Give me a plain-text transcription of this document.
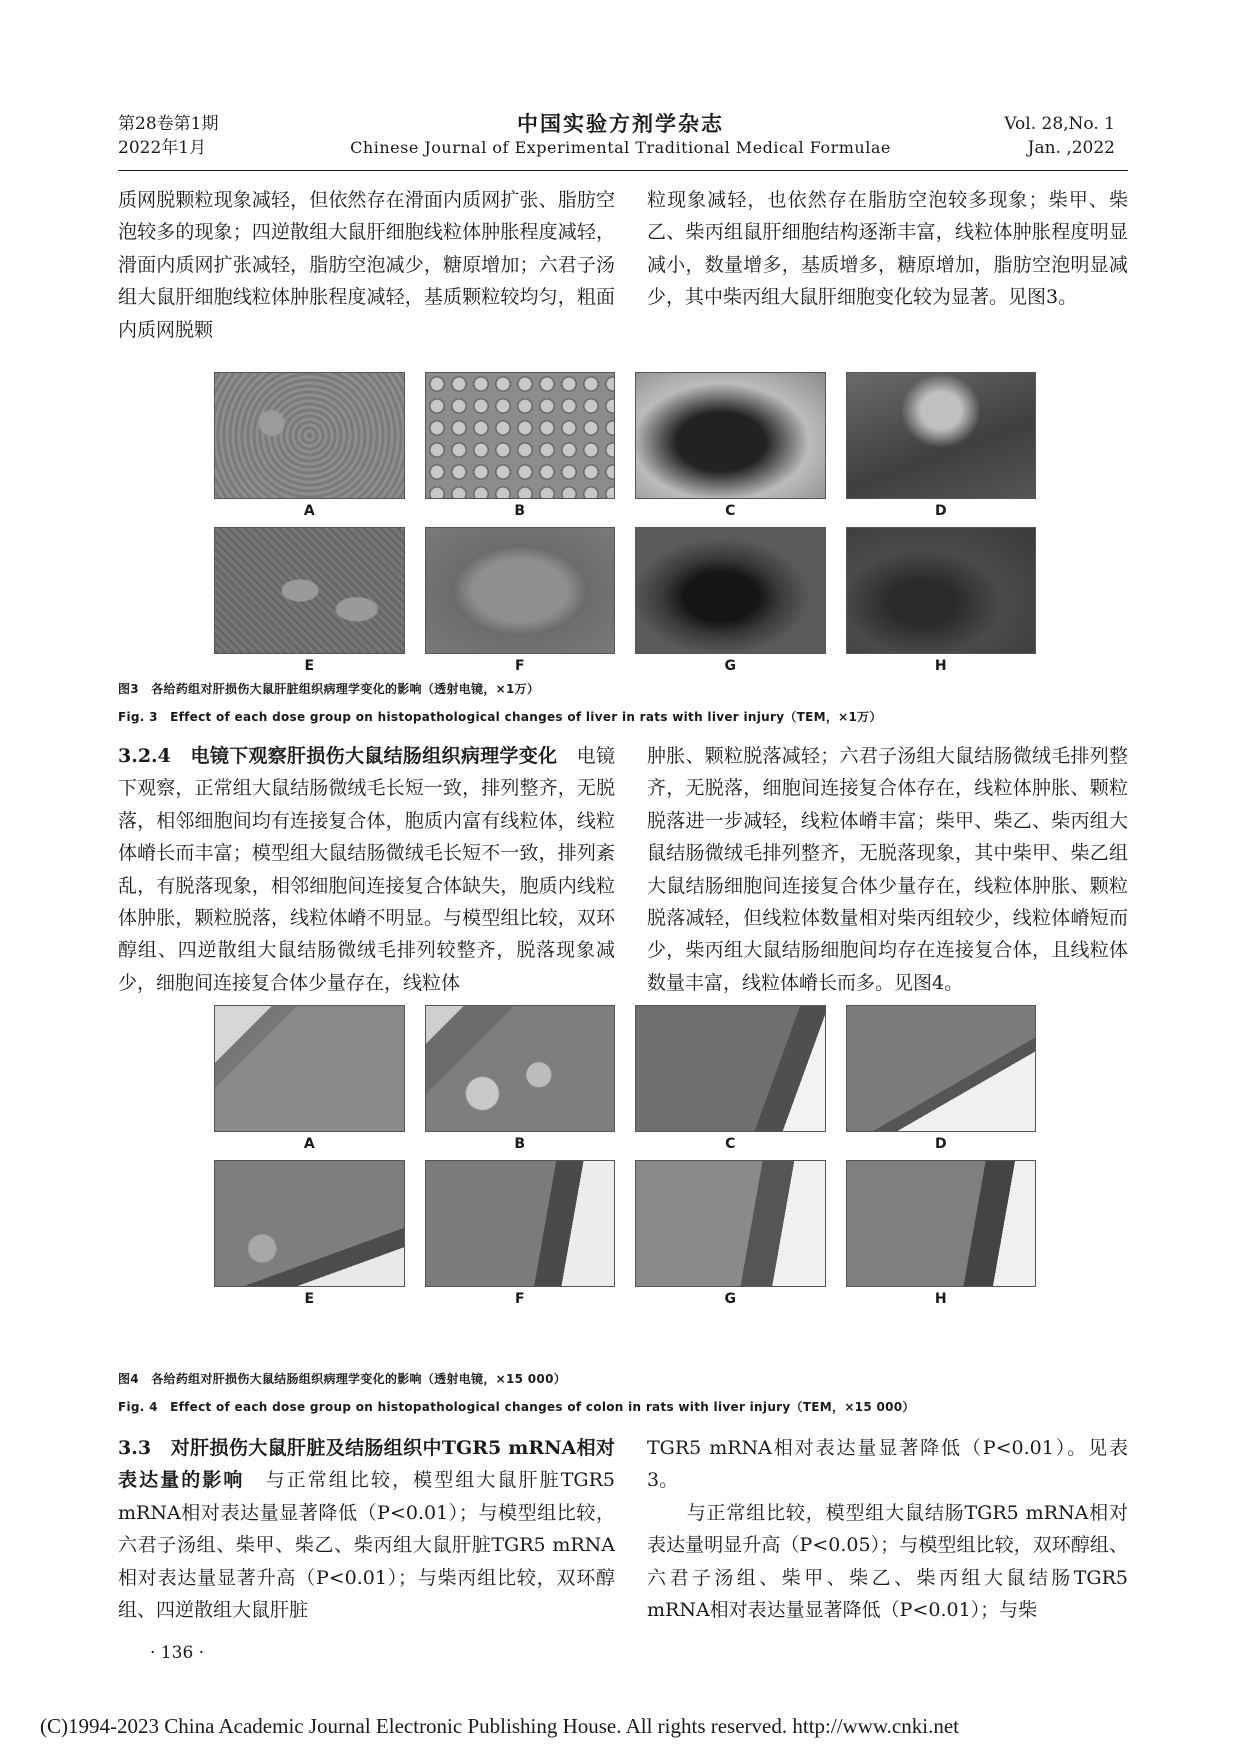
第28卷第1期
2022年1月
中国实验方剂学杂志
Chinese Journal of Experimental Traditional Medical Formulae
Vol. 28,No. 1
Jan. ,2022

质网脱颗粒现象减轻，但依然存在滑面内质网扩张、脂肪空泡较多的现象；四逆散组大鼠肝细胞线粒体肿胀程度减轻，滑面内质网扩张减轻，脂肪空泡减少，糖原增加；六君子汤组大鼠肝细胞线粒体肿胀程度减轻，基质颗粒较均匀，粗面内质网脱颗

粒现象减轻，也依然存在脂肪空泡较多现象；柴甲、柴乙、柴丙组鼠肝细胞结构逐渐丰富，线粒体肿胀程度明显减小，数量增多，基质增多，糖原增加，脂肪空泡明显减少，其中柴丙组大鼠肝细胞变化较为显著。见图3。

A	B	C	D
E	F	G	H
图3　各给药组对肝损伤大鼠肝脏组织病理学变化的影响（透射电镜，×1万）
Fig. 3　Effect of each dose group on histopathological changes of liver in rats with liver injury（TEM，×1万）

3.2.4　电镜下观察肝损伤大鼠结肠组织病理学变化　电镜下观察，正常组大鼠结肠微绒毛长短一致，排列整齐，无脱落，相邻细胞间均有连接复合体，胞质内富有线粒体，线粒体嵴长而丰富；模型组大鼠结肠微绒毛长短不一致，排列紊乱，有脱落现象，相邻细胞间连接复合体缺失，胞质内线粒体肿胀，颗粒脱落，线粒体嵴不明显。与模型组比较，双环醇组、四逆散组大鼠结肠微绒毛排列较整齐，脱落现象减少，细胞间连接复合体少量存在，线粒体

肿胀、颗粒脱落减轻；六君子汤组大鼠结肠微绒毛排列整齐，无脱落，细胞间连接复合体存在，线粒体肿胀、颗粒脱落进一步减轻，线粒体嵴丰富；柴甲、柴乙、柴丙组大鼠结肠微绒毛排列整齐，无脱落现象，其中柴甲、柴乙组大鼠结肠细胞间连接复合体少量存在，线粒体肿胀、颗粒脱落减轻，但线粒体数量相对柴丙组较少，线粒体嵴短而少，柴丙组大鼠结肠细胞间均存在连接复合体，且线粒体数量丰富，线粒体嵴长而多。见图4。

A	B	C	D
E	F	G	H
图4　各给药组对肝损伤大鼠结肠组织病理学变化的影响（透射电镜，×15 000）
Fig. 4　Effect of each dose group on histopathological changes of colon in rats with liver injury（TEM，×15 000）

3.3　对肝损伤大鼠肝脏及结肠组织中TGR5 mRNA相对表达量的影响　与正常组比较，模型组大鼠肝脏TGR5 mRNA相对表达量显著降低（P<0.01）；与模型组比较，六君子汤组、柴甲、柴乙、柴丙组大鼠肝脏TGR5 mRNA相对表达量显著升高（P<0.01）；与柴丙组比较，双环醇组、四逆散组大鼠肝脏

TGR5 mRNA相对表达量显著降低（P<0.01）。见表3。

　　与正常组比较，模型组大鼠结肠TGR5 mRNA相对表达量明显升高（P<0.05）；与模型组比较，双环醇组、六君子汤组、柴甲、柴乙、柴丙组大鼠结肠TGR5 mRNA相对表达量显著降低（P<0.01）；与柴

· 136 ·
(C)1994-2023 China Academic Journal Electronic Publishing House. All rights reserved. http://www.cnki.net
